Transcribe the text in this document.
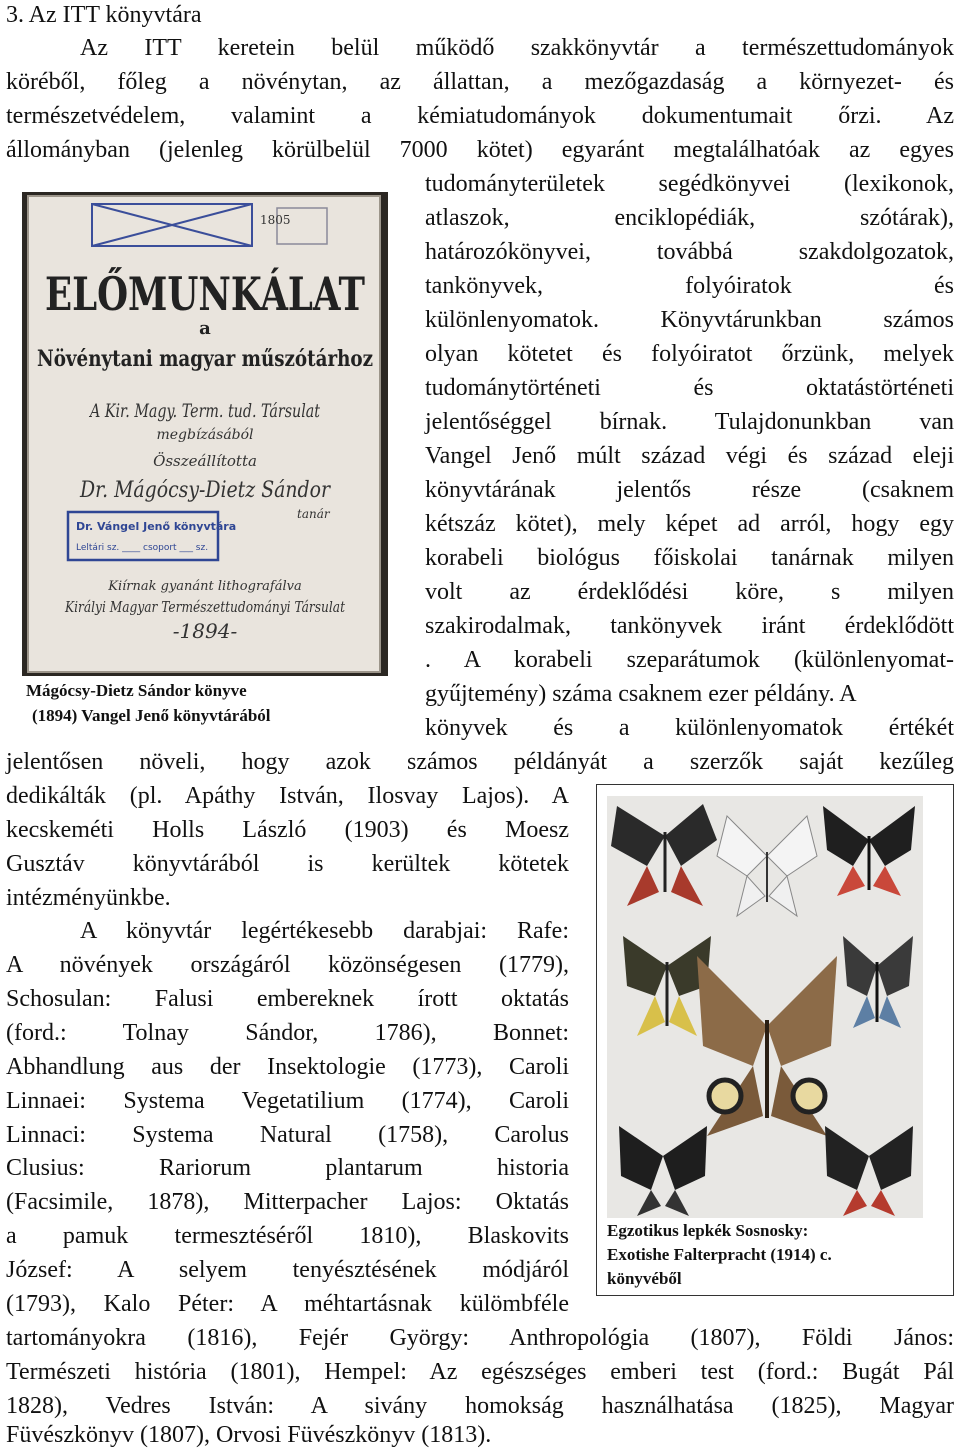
3. Az ITT könyvtára
Az ITT keretein belül működő szakkönyvtár a természettudományok
köréből, főleg a növénytan, az állattan, a mezőgazdaság a környezet- és
természetvédelem, valamint a kémiatudományok dokumentumait őrzi. Az
állományban (jelenleg körülbelül 7000 kötet) egyaránt megtalálhatóak az egyes
1805
ELŐMUNKÁLAT
a
Növénytani magyar műszótárhoz
A Kir. Magy. Term. tud. Társulat
megbízásából
Összeállította
Dr. Mágócsy-Dietz Sándor
tanár
Dr. Vángel Jenő könyvtára
Leltári sz. ____ csoport ___ sz.
Kiírnak gyanánt lithografálva
Királyi Magyar Természettudományi Társulat
-1894-
Mágócsy-Dietz Sándor könyve
(1894) Vangel Jenő könyvtárából
tudományterületek segédkönyvei (lexikonok,
atlaszok, enciklopédiák, szótárak),
határozókönyvei, továbbá szakdolgozatok,
tankönyvek, folyóiratok és
különlenyomatok. Könyvtárunkban számos
olyan kötetet és folyóiratot őrzünk, melyek
tudománytörténeti és oktatástörténeti
jelentőséggel bírnak. Tulajdonunkban van
Vangel Jenő múlt század végi és század eleji
könyvtárának jelentős része (csaknem
kétszáz kötet), mely képet ad arról, hogy egy
korabeli biológus főiskolai tanárnak milyen
volt az érdeklődési köre, s milyen
szakirodalmak, tankönyvek iránt érdeklődött
. A korabeli szeparátumok (különlenyomat-
gyűjtemény) száma csaknem ezer példány. A
könyvek és a különlenyomatok értékét
jelentősen növeli, hogy azok számos példányát a szerzők saját kezűleg
Egzotikus lepkék Sosnosky:
Exotishe Falterpracht (1914) c.
könyvéből
dedikálták (pl. Apáthy István, Ilosvay Lajos). A
kecskeméti Holls László (1903) és Moesz
Gusztáv könyvtárából is kerültek kötetek
intézményünkbe.
A könyvtár legértékesebb darabjai: Rafe:
A növények országáról közönségesen (1779),
Schosulan: Falusi embereknek írott oktatás
(ford.: Tolnay Sándor, 1786), Bonnet:
Abhandlung aus der Insektologie (1773), Caroli
Linnaei: Systema Vegetatilium (1774), Caroli
Linnaci: Systema Natural (1758), Carolus
Clusius: Rariorum plantarum historia
(Facsimile, 1878), Mitterpacher Lajos: Oktatás
a pamuk termesztéséről 1810), Blaskovits
József: A selyem tenyésztésének módjáról
(1793), Kalo Péter: A méhtartásnak külömbféle
tartományokra (1816), Fejér György: Anthropológia (1807), Földi János:
Természeti história (1801), Hempel: Az egészséges emberi test (ford.: Bugát Pál
1828), Vedres István: A sivány homokság használhatása (1825), Magyar
Füvészkönyv (1807), Orvosi Füvészkönyv (1813).
